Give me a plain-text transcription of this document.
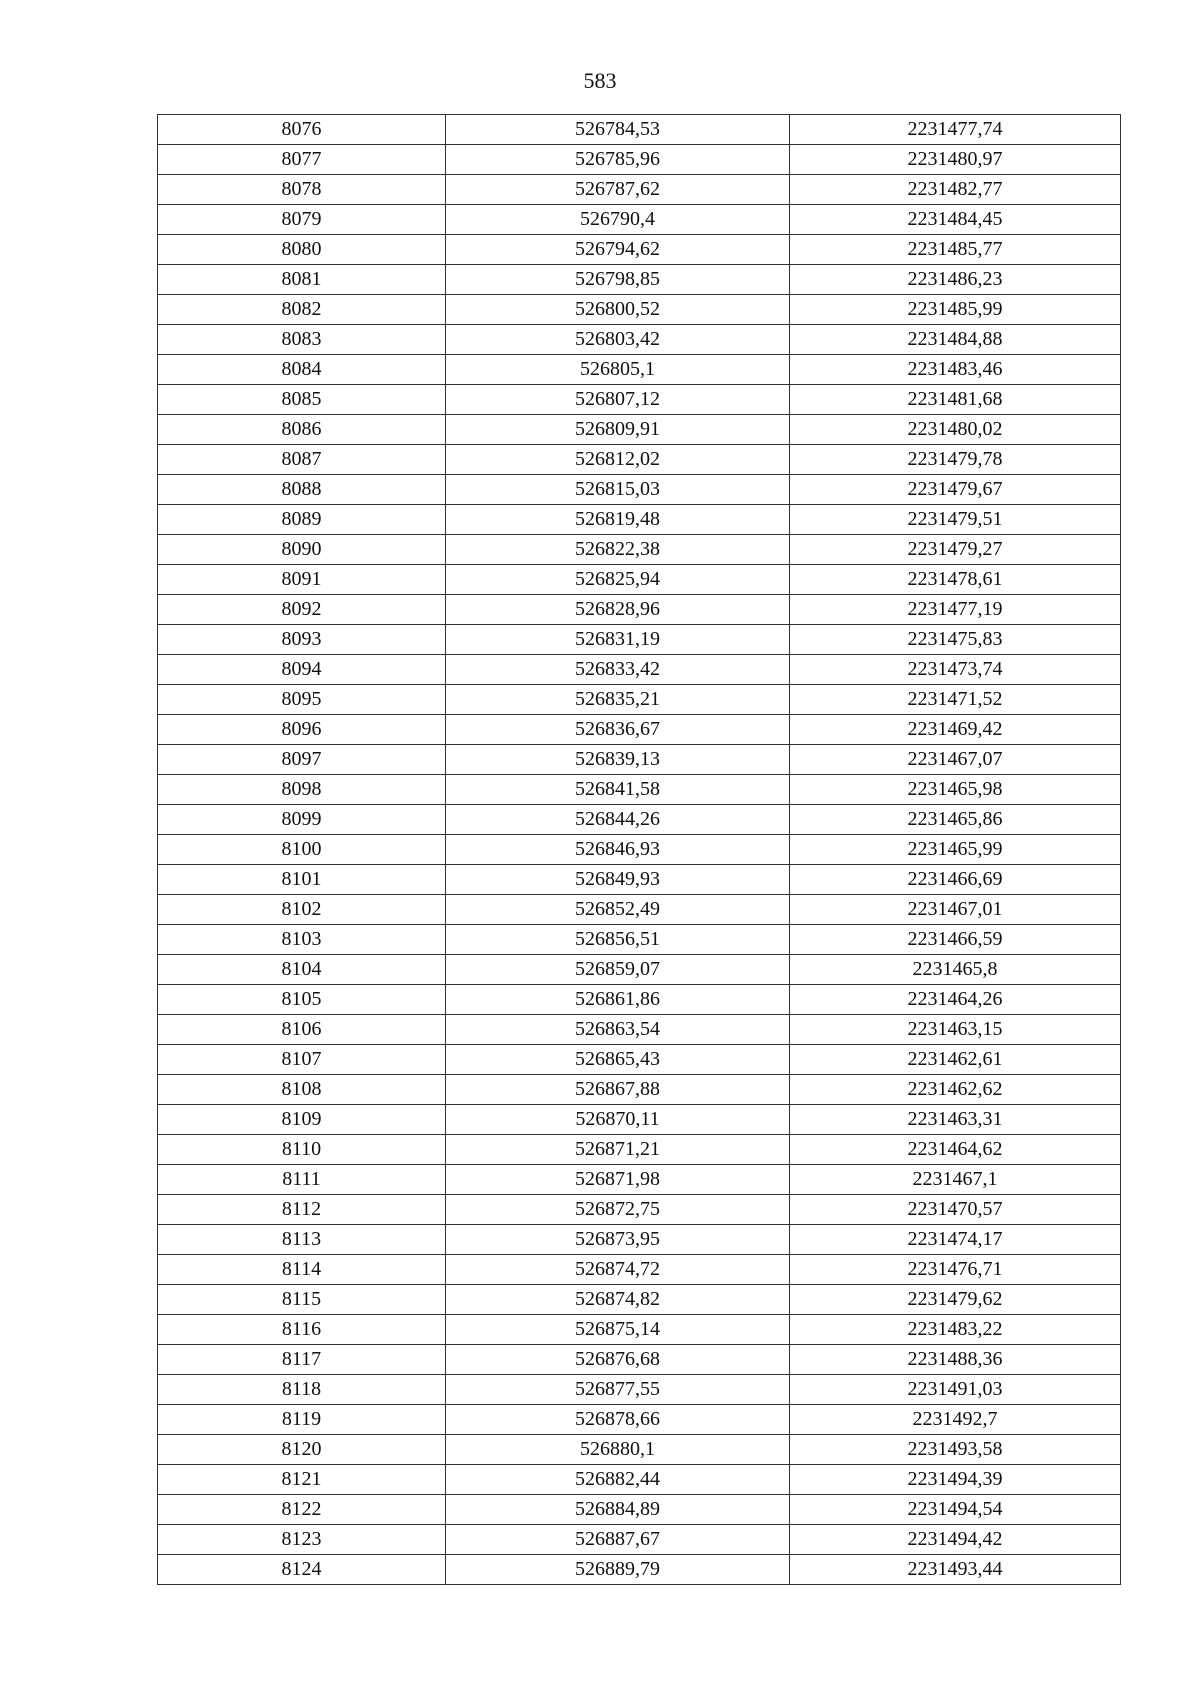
583
8076	526784,53	2231477,74
8077	526785,96	2231480,97
8078	526787,62	2231482,77
8079	526790,4	2231484,45
8080	526794,62	2231485,77
8081	526798,85	2231486,23
8082	526800,52	2231485,99
8083	526803,42	2231484,88
8084	526805,1	2231483,46
8085	526807,12	2231481,68
8086	526809,91	2231480,02
8087	526812,02	2231479,78
8088	526815,03	2231479,67
8089	526819,48	2231479,51
8090	526822,38	2231479,27
8091	526825,94	2231478,61
8092	526828,96	2231477,19
8093	526831,19	2231475,83
8094	526833,42	2231473,74
8095	526835,21	2231471,52
8096	526836,67	2231469,42
8097	526839,13	2231467,07
8098	526841,58	2231465,98
8099	526844,26	2231465,86
8100	526846,93	2231465,99
8101	526849,93	2231466,69
8102	526852,49	2231467,01
8103	526856,51	2231466,59
8104	526859,07	2231465,8
8105	526861,86	2231464,26
8106	526863,54	2231463,15
8107	526865,43	2231462,61
8108	526867,88	2231462,62
8109	526870,11	2231463,31
8110	526871,21	2231464,62
8111	526871,98	2231467,1
8112	526872,75	2231470,57
8113	526873,95	2231474,17
8114	526874,72	2231476,71
8115	526874,82	2231479,62
8116	526875,14	2231483,22
8117	526876,68	2231488,36
8118	526877,55	2231491,03
8119	526878,66	2231492,7
8120	526880,1	2231493,58
8121	526882,44	2231494,39
8122	526884,89	2231494,54
8123	526887,67	2231494,42
8124	526889,79	2231493,44
